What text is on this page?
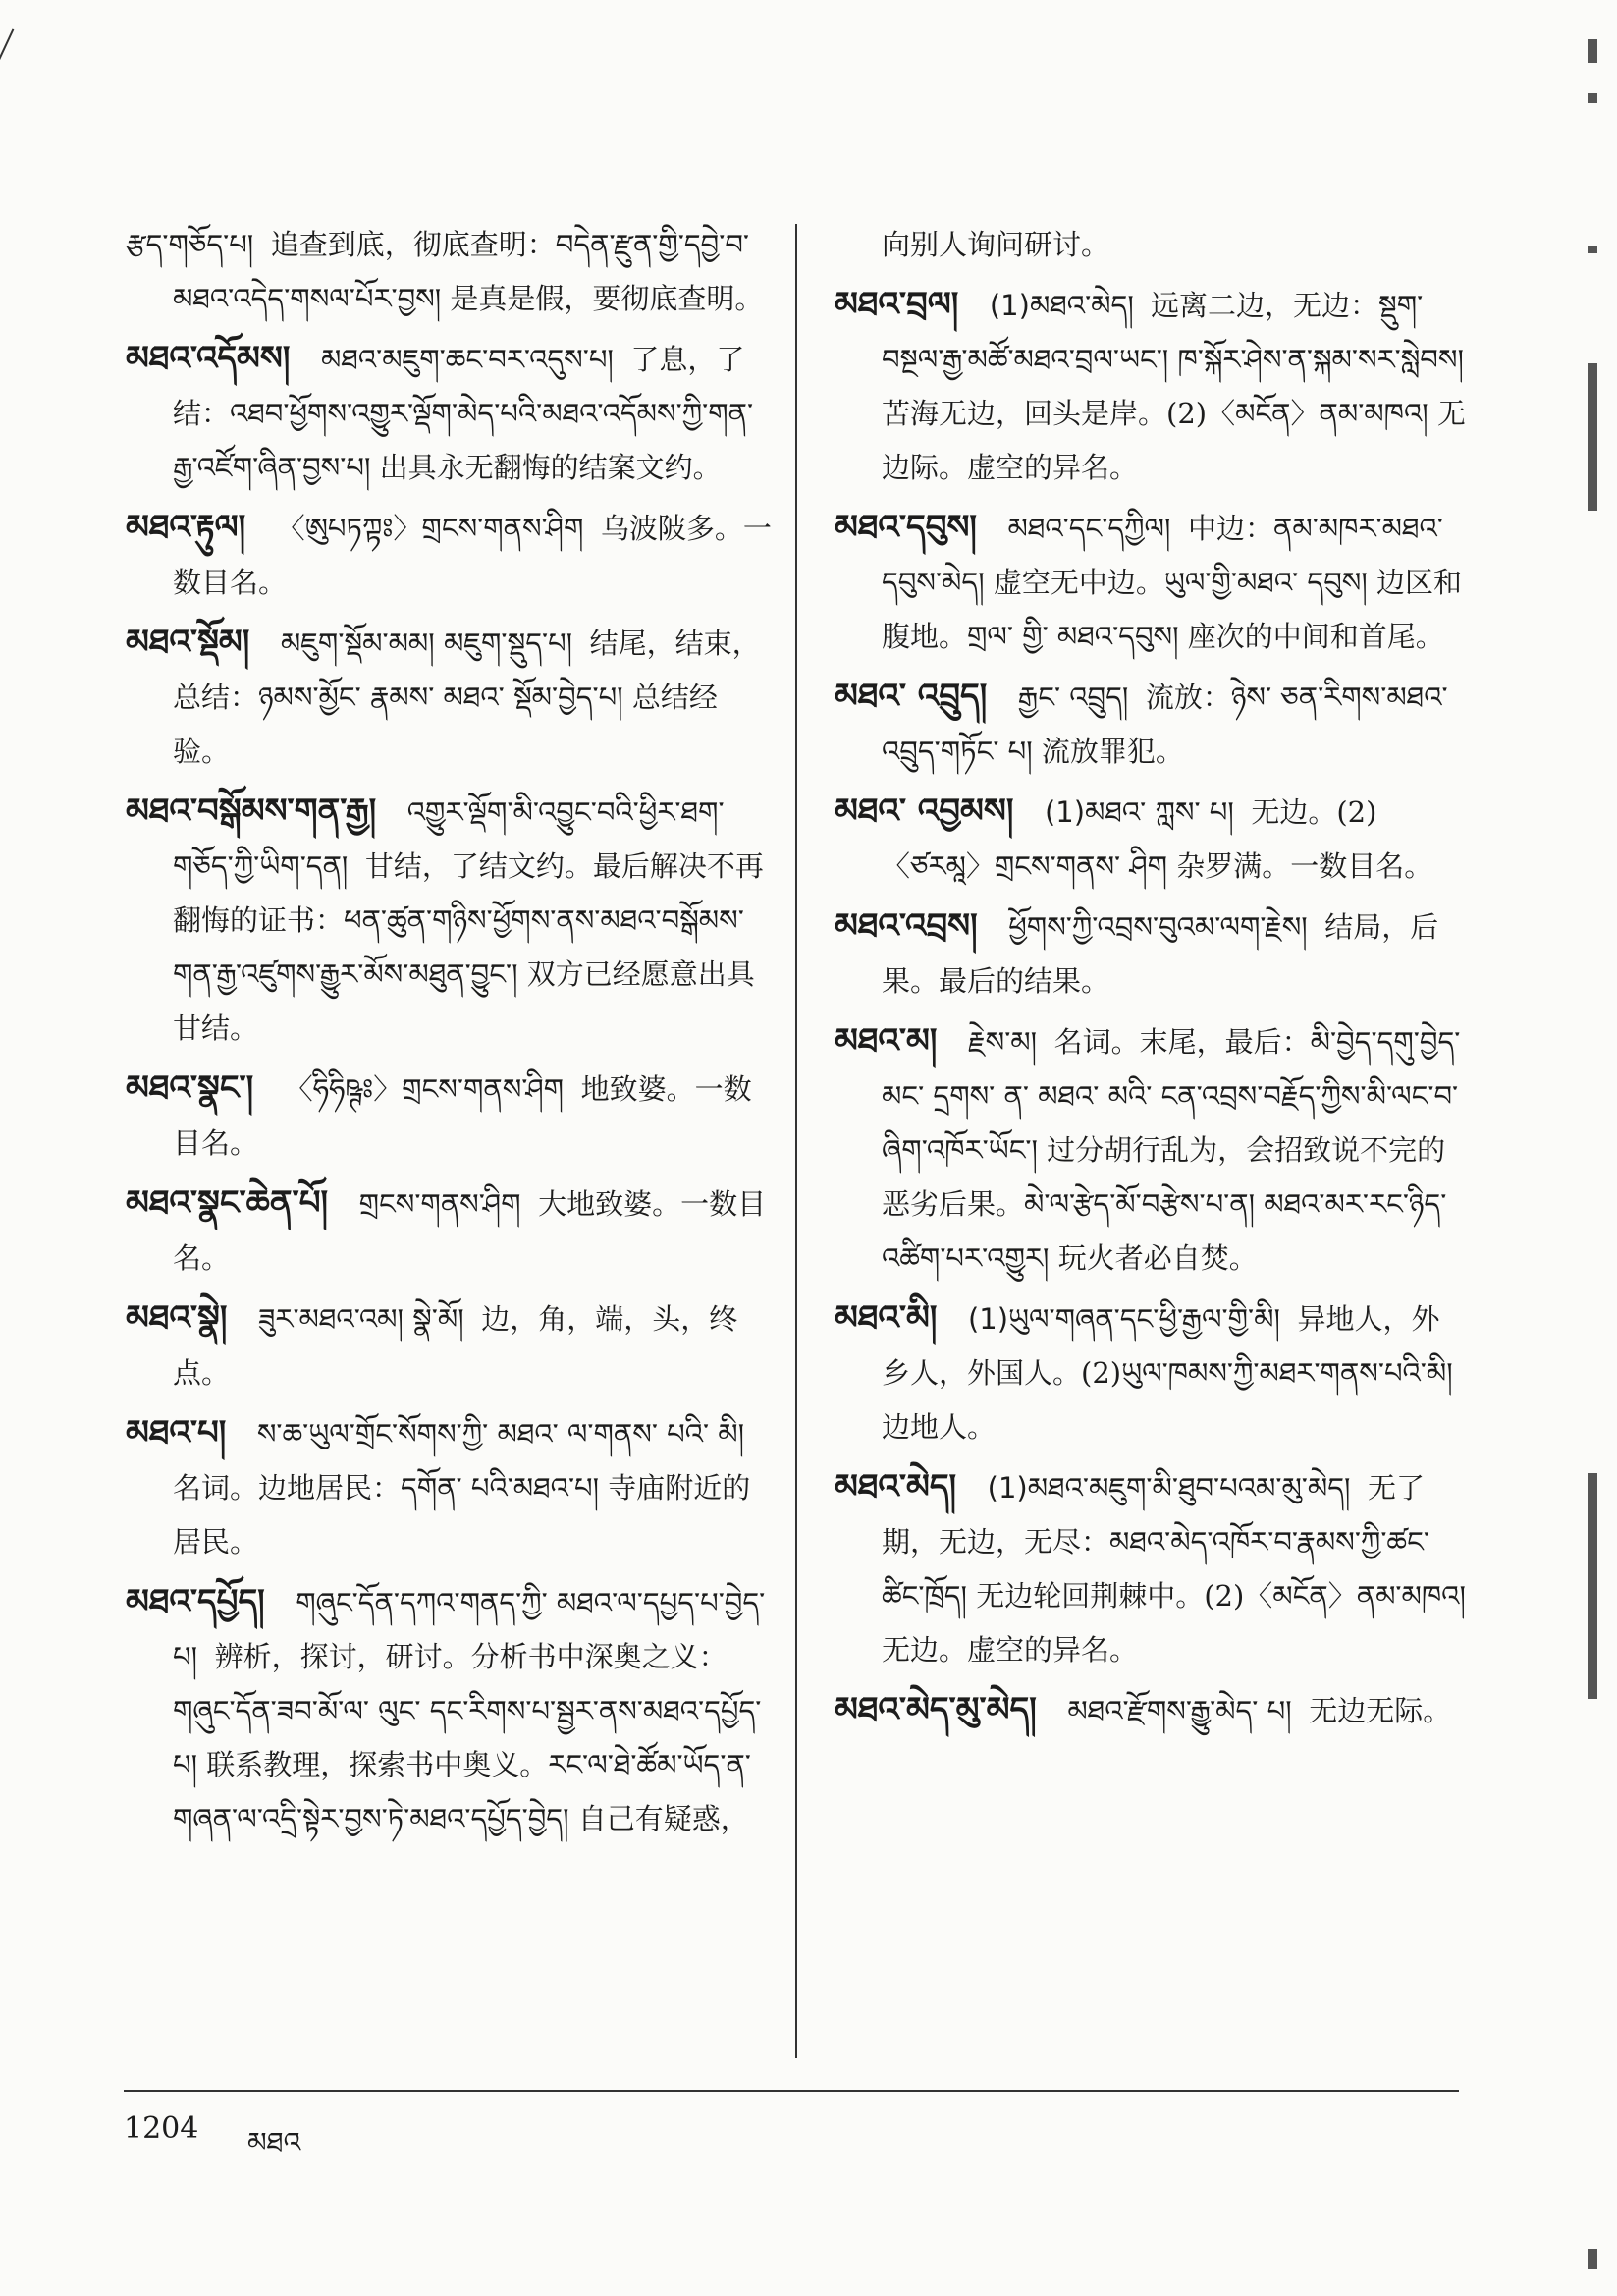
རྩད་གཅོད་པ། 追查到底，彻底查明：བདེན་རྫུན་གྱི་དབྱེ་བ་མཐའ་འདེད་གསལ་པོར་བྱས། 是真是假，要彻底查明。
མཐའ་འདོམས། མཐའ་མཇུག་ཆང་བར་འདུས་པ། 了息，了结：འཐབ་ཕྱོགས་འགྱུར་ལྡོག་མེད་པའི་མཐའ་འདོམས་ཀྱི་གན་རྒྱ་འཛོག་ཞིན་བྱས་པ། 出具永无翻悔的结案文约。
མཐའ་རྟུལ། 〈ཨུཔཏཀྟཿ〉གྲངས་གནས་ཤིག 乌波陂多。一数目名。
མཐའ་སྡོམ། མཇུག་སྡོམ་མམ། མཇུག་སྡུད་པ། 结尾，结束，总结：ཉམས་མྱོང་ རྣམས་ མཐའ་ སྡོམ་བྱེད་པ། 总结经验。
མཐའ་བསྒོམས་གན་རྒྱ། འགྱུར་ལྡོག་མི་འབྱུང་བའི་ཕྱིར་ཐག་གཅོད་ཀྱི་ཡིག་དན། 甘结，了结文约。最后解决不再翻悔的证书：ཕན་ཚུན་གཉིས་ཕྱོགས་ནས་མཐའ་བསྒོམས་གན་རྒྱ་འཛུགས་རྒྱུར་མོས་མཐུན་བྱུང་། 双方已经愿意出具甘结。
མཐའ་སྣང་། 〈ཧིཧིཥྚཿ〉གྲངས་གནས་ཤིག 地致婆。一数目名。
མཐའ་སྣང་ཆེན་པོ། གྲངས་གནས་ཤིག 大地致婆。一数目名。
མཐའ་སྣེ། ཟུར་མཐའ་འམ། སྣེ་མོ། 边，角，端，头，终点。
མཐའ་པ། ས་ཆ་ཡུལ་གྲོང་སོགས་ཀྱི་ མཐའ་ ལ་གནས་ པའི་ མི། 名词。边地居民：དགོན་ པའི་མཐའ་པ། 寺庙附近的居民。
མཐའ་དཔྱོད། གཞུང་དོན་དཀའ་གནད་ཀྱི་ མཐའ་ལ་དཔྱད་པ་བྱེད་པ། 辨析，探讨，研讨。分析书中深奥之义：གཞུང་དོན་ཟབ་མོ་ལ་ ལུང་ དང་རིགས་པ་སྦྱར་ནས་མཐའ་དཔྱོད་པ། 联系教理，探索书中奥义。རང་ལ་ཐེ་ཚོམ་ཡོད་ན་གཞན་ལ་འདྲི་སྟེར་བྱས་ཏེ་མཐའ་དཔྱོད་བྱེད། 自己有疑惑，
向别人询问研讨。
མཐའ་བྲལ། (1)མཐའ་མེད། 远离二边，无边：སྡུག་བསྔལ་རྒྱ་མཚོ་མཐའ་བྲལ་ཡང་། ཁ་སྐོར་ཤེས་ན་སྐམ་སར་སླེབས། 苦海无边，回头是岸。(2)〈མངོན〉ནམ་མཁའ། 无边际。虚空的异名。
མཐའ་དབུས། མཐའ་དང་དཀྱིལ། 中边：ནམ་མཁར་མཐའ་དབུས་མེད། 虚空无中边。ཡུལ་གྱི་མཐའ་ དབུས། 边区和腹地。གྲལ་ གྱི་ མཐའ་དབུས། 座次的中间和首尾。
མཐའ་ འབྲུད། རྒྱང་ འབྲུད། 流放：ཉེས་ ཅན་རིགས་མཐའ་འབྲུད་གཏོང་ པ། 流放罪犯。
མཐའ་ འབྱམས། (1)མཐའ་ ཀླས་ པ། 无边。(2)〈ཙརམཱ〉གྲངས་གནས་ ཤིག 杂罗满。一数目名。
མཐའ་འབྲས། ཕྱོགས་ཀྱི་འབྲས་བུའམ་ལག་རྗེས། 结局，后果。最后的结果。
མཐའ་མ། རྗེས་མ། 名词。末尾，最后：མི་བྱེད་དགུ་བྱེད་ མང་ དྲགས་ ན་ མཐའ་ མའི་ ངན་འབྲས་བརྗོད་ཀྱིས་མི་ལང་བ་ཞིག་འཁོར་ཡོང་། 过分胡行乱为，会招致说不完的恶劣后果。མེ་ལ་རྩེད་མོ་བརྩེས་པ་ན། མཐའ་མར་རང་ཉིད་འཚིག་པར་འགྱུར། 玩火者必自焚。
མཐའ་མི། (1)ཡུལ་གཞན་དང་ཕྱི་རྒྱལ་གྱི་མི། 异地人，外乡人，外国人。(2)ཡུལ་ཁམས་ཀྱི་མཐར་གནས་པའི་མི། 边地人。
མཐའ་མེད། (1)མཐའ་མཇུག་མི་ཐུབ་པའམ་མུ་མེད། 无了期，无边，无尽：མཐའ་མེད་འཁོར་བ་རྣམས་ཀྱི་ཚང་ཚིང་ཁྲོད། 无边轮回荆棘中。(2)〈མངོན〉ནམ་མཁའ། 无边。虚空的异名。
མཐའ་མེད་མུ་མེད། མཐའ་རྫོགས་རྒྱུ་མེད་ པ། 无边无际。
1204 མཐའ
